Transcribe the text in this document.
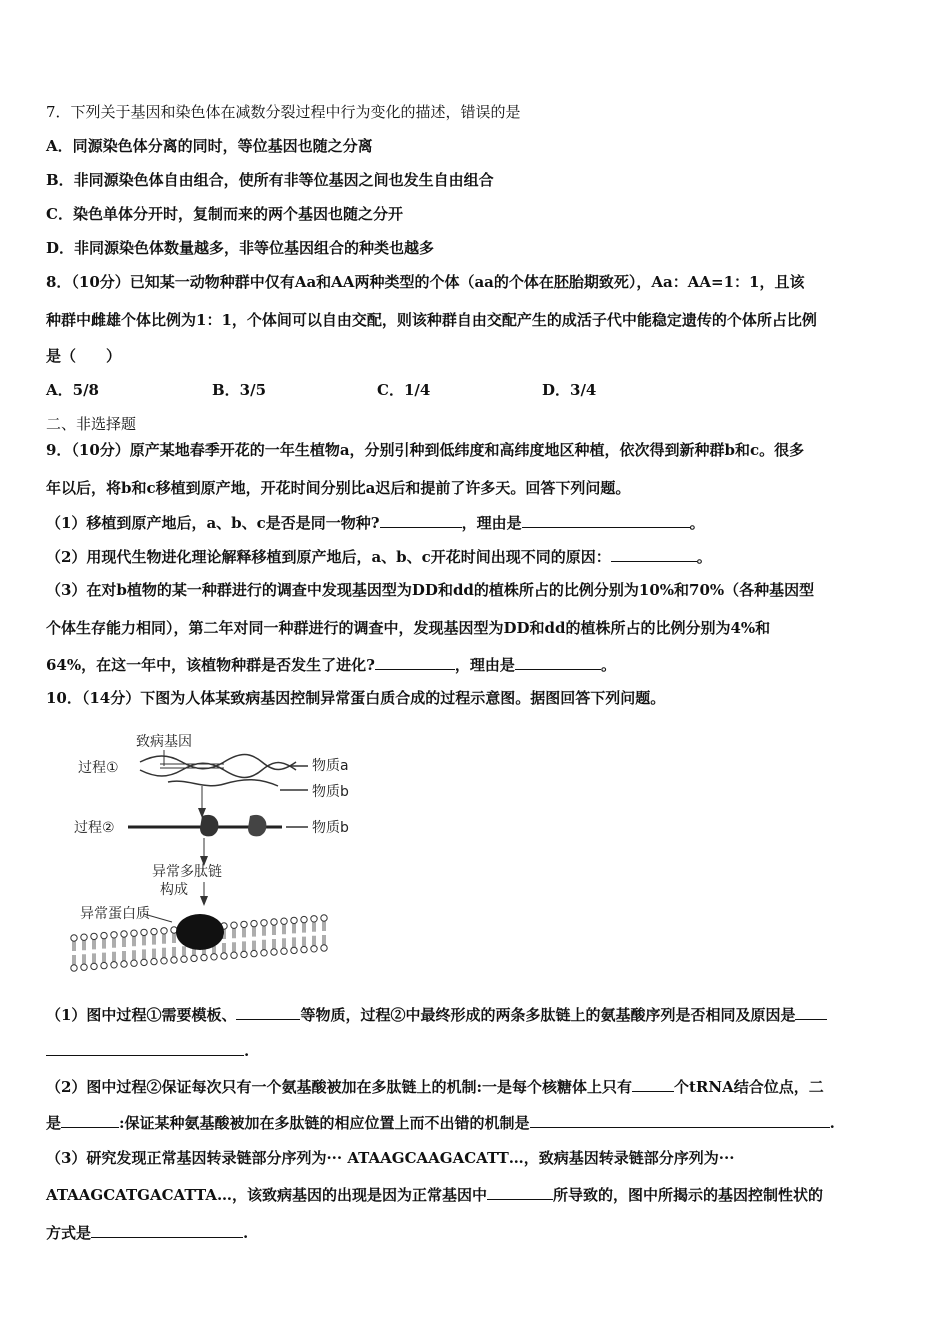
7．下列关于基因和染色体在减数分裂过程中行为变化的描述，错误的是
A．同源染色体分离的同时，等位基因也随之分离
B．非同源染色体自由组合，使所有非等位基因之间也发生自由组合
C．染色单体分开时，复制而来的两个基因也随之分开
D．非同源染色体数量越多，非等位基因组合的种类也越多
8．（10分）已知某一动物种群中仅有Aa和AA两种类型的个体（aa的个体在胚胎期致死），Aa：AA=1：1，且该
种群中雌雄个体比例为1：1，个体间可以自由交配，则该种群自由交配产生的成活子代中能稳定遗传的个体所占比例
是（　　）
A．5/8	B．3/5	C．1/4	D．3/4
二、非选择题
9．（10分）原产某地春季开花的一年生植物a，分别引种到低纬度和高纬度地区种植，依次得到新种群b和c。很多
年以后，将b和c移植到原产地，开花时间分别比a迟后和提前了许多天。回答下列问题。
（1）移植到原产地后，a、b、c是否是同一物种?	，理由是	。
（2）用现代生物进化理论解释移植到原产地后，a、b、c开花时间出现不同的原因：	。
（3）在对b植物的某一种群进行的调查中发现基因型为DD和dd的植株所占的比例分别为10%和70%（各种基因型
个体生存能力相同），第二年对同一种群进行的调查中，发现基因型为DD和dd的植株所占的比例分别为4%和
64%，在这一年中，该植物种群是否发生了进化?	，理由是	。
10．（14分）下图为人体某致病基因控制异常蛋白质合成的过程示意图。据图回答下列问题。
致病基因
过程①	物质a
物质b
过程②	物质b
异常多肽链
构成
异常蛋白质
（1）图中过程①需要模板、	等物质，过程②中最终形成的两条多肽链上的氨基酸序列是否相同及原因是
.
（2）图中过程②保证每次只有一个氨基酸被加在多肽链上的机制:一是每个核糖体上只有	个tRNA结合位点，二
是	:保证某种氨基酸被加在多肽链的相应位置上而不出错的机制是	.
（3）研究发现正常基因转录链部分序列为··· ATAAGCAAGACATT…，致病基因转录链部分序列为···
ATAAGCATGACATTA…，该致病基因的出现是因为正常基因中	所导致的，图中所揭示的基因控制性状的
方式是	.
